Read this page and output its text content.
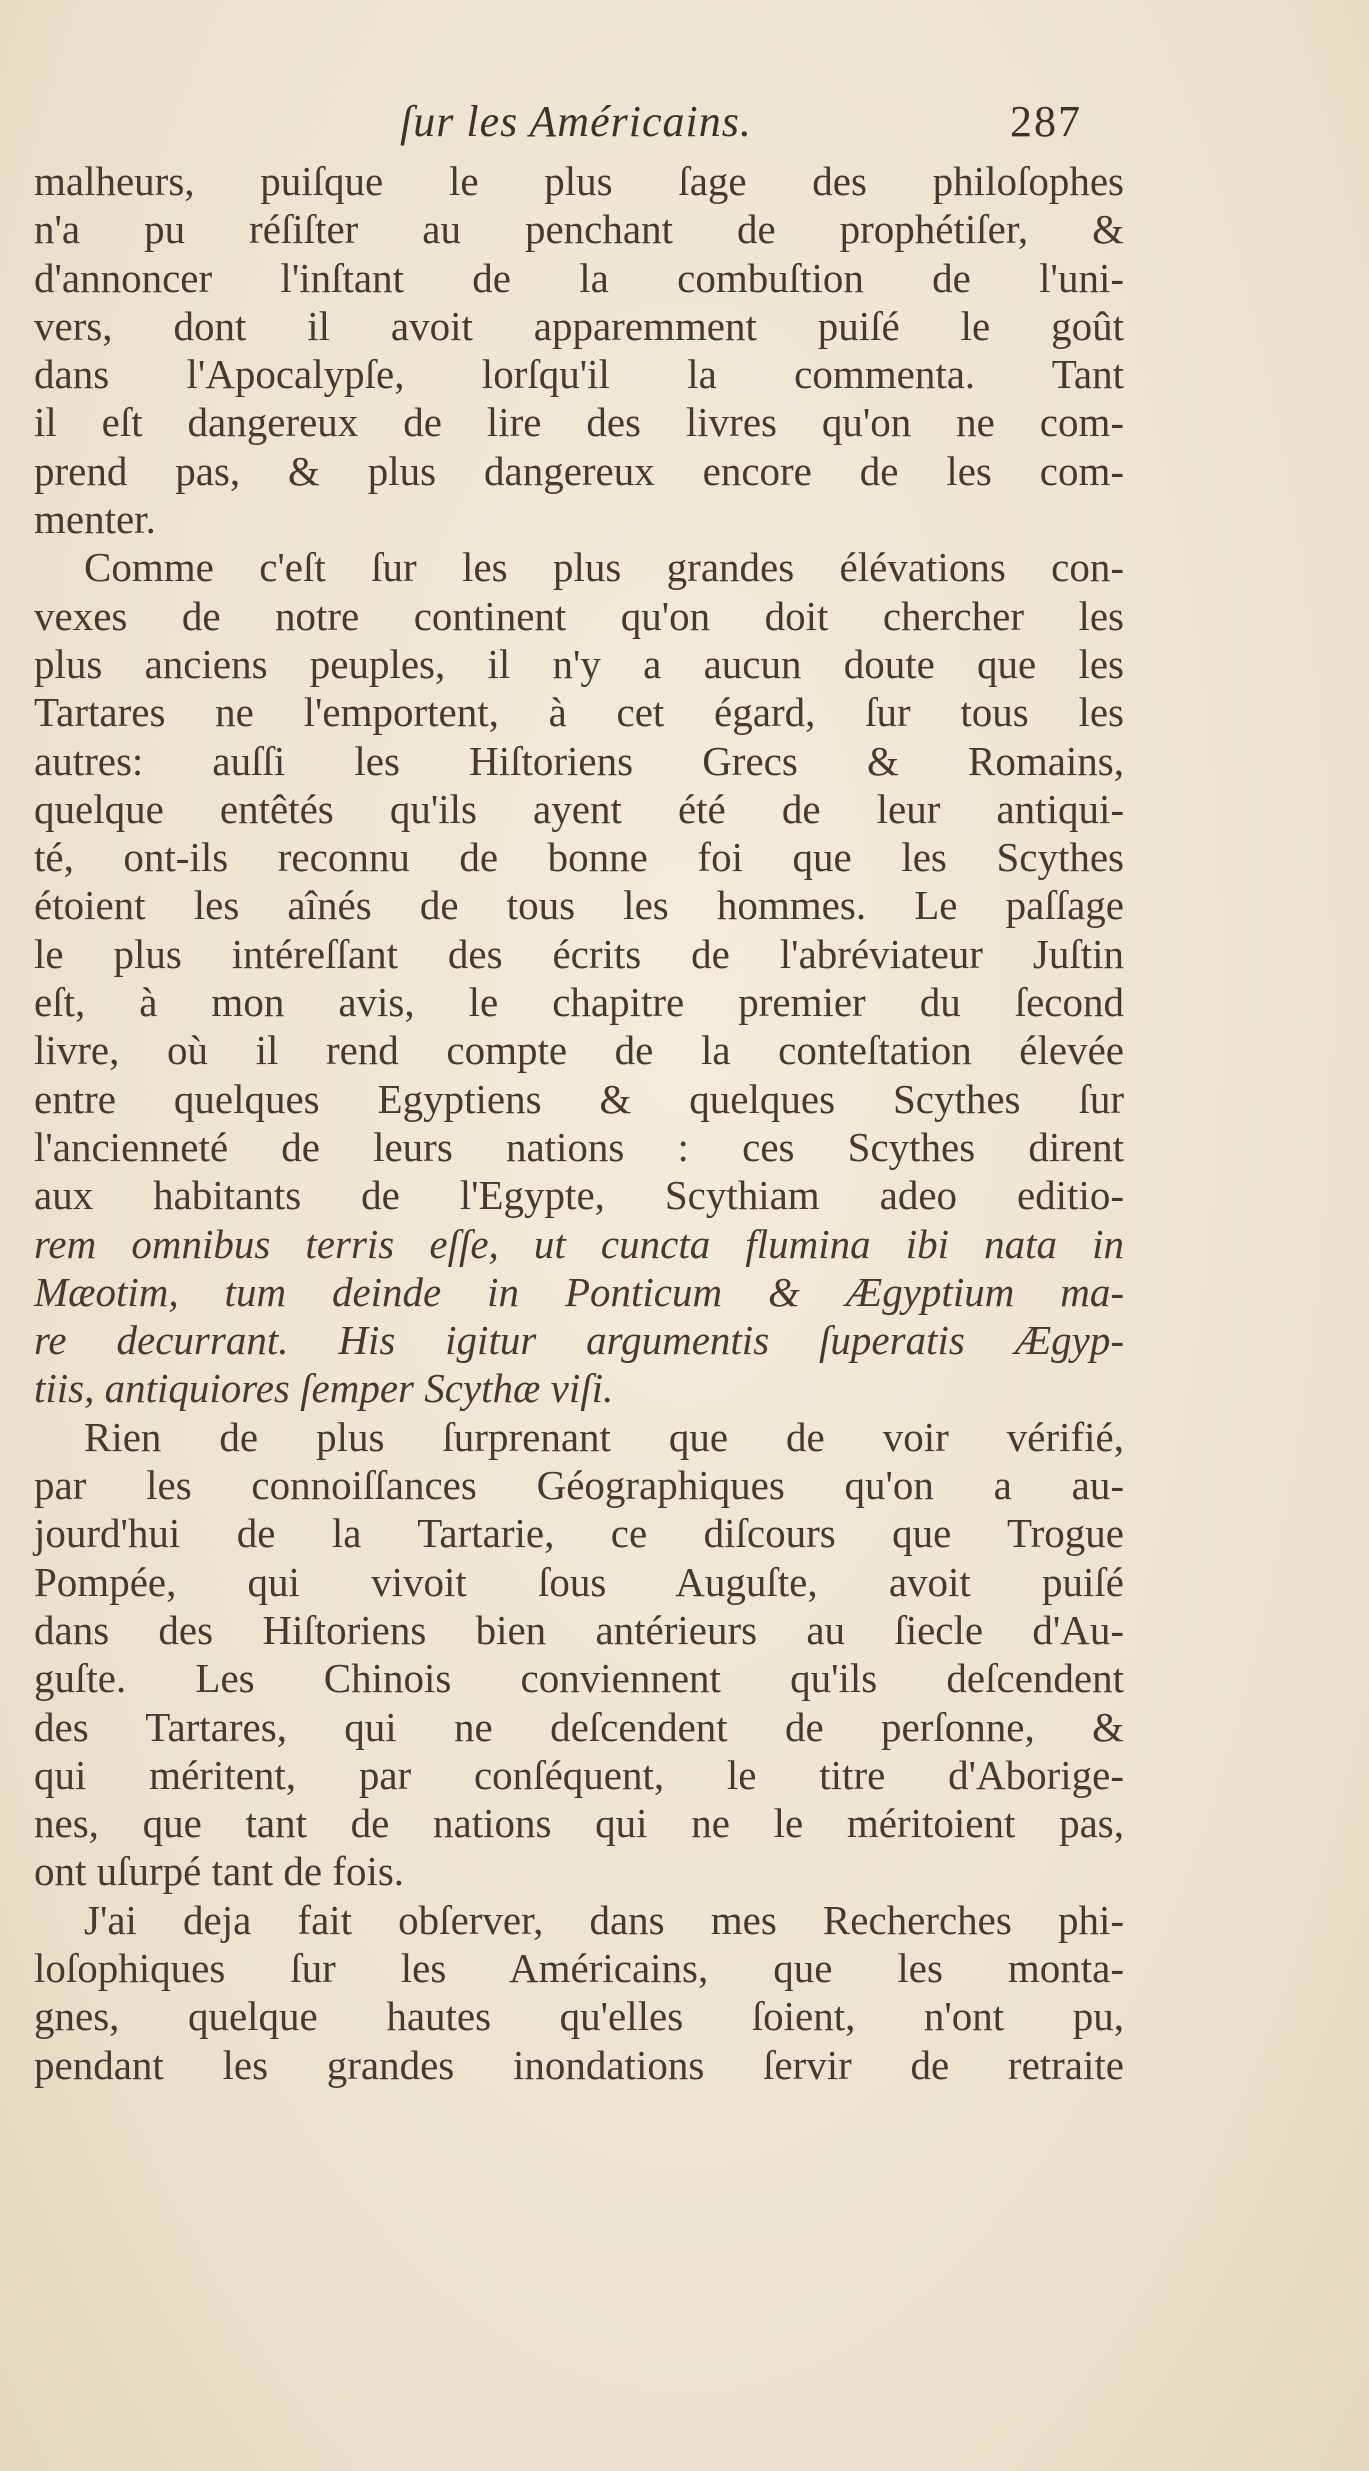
ſur les Américains.	287
malheurs, puiſque le plus ſage des philoſophes
n'a pu réſiſter au penchant de prophétiſer, &
d'annoncer l'inſtant de la combuſtion de l'uni-
vers, dont il avoit apparemment puiſé le goût
dans l'Apocalypſe, lorſqu'il la commenta. Tant
il eſt dangereux de lire des livres qu'on ne com-
prend pas, & plus dangereux encore de les com-
menter.
Comme c'eſt ſur les plus grandes élévations con-
vexes de notre continent qu'on doit chercher les
plus anciens peuples, il n'y a aucun doute que les
Tartares ne l'emportent, à cet égard, ſur tous les
autres: auſſi les Hiſtoriens Grecs & Romains,
quelque entêtés qu'ils ayent été de leur antiqui-
té, ont-ils reconnu de bonne foi que les Scythes
étoient les aînés de tous les hommes. Le paſſage
le plus intéreſſant des écrits de l'abréviateur Juſtin
eſt, à mon avis, le chapitre premier du ſecond
livre, où il rend compte de la conteſtation élevée
entre quelques Egyptiens & quelques Scythes ſur
l'ancienneté de leurs nations : ces Scythes dirent
aux habitants de l'Egypte, Scythiam adeo editio-
rem omnibus terris eſſe, ut cuncta flumina ibi nata in
Mæotim, tum deinde in Ponticum & Ægyptium ma-
re decurrant. His igitur argumentis ſuperatis Ægyp-
tiis, antiquiores ſemper Scythæ viſi.
Rien de plus ſurprenant que de voir vérifié,
par les connoiſſances Géographiques qu'on a au-
jourd'hui de la Tartarie, ce diſcours que Trogue
Pompée, qui vivoit ſous Auguſte, avoit puiſé
dans des Hiſtoriens bien antérieurs au ſiecle d'Au-
guſte. Les Chinois conviennent qu'ils deſcendent
des Tartares, qui ne deſcendent de perſonne, &
qui méritent, par conſéquent, le titre d'Aborige-
nes, que tant de nations qui ne le méritoient pas,
ont uſurpé tant de fois.
J'ai deja fait obſerver, dans mes Recherches phi-
loſophiques ſur les Américains, que les monta-
gnes, quelque hautes qu'elles ſoient, n'ont pu,
pendant les grandes inondations ſervir de retraite
